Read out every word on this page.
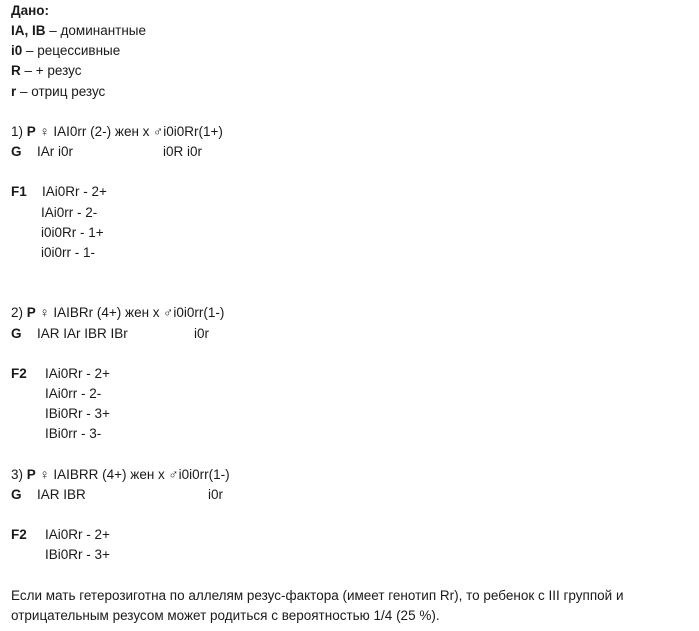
Дано:
IA, IB – доминантные
i0 – рецессивные
R – + резус
r – отриц резус
1) P ♀ IAI0rr (2-) жен х ♂i0i0Rr(1+)
G IAr i0r	i0R i0r
F1 IAi0Rr - 2+
IAi0rr - 2-
i0i0Rr - 1+
i0i0rr - 1-
2) P ♀ IAIBRr (4+) жен х ♂i0i0rr(1-)
G IAR IAr IBR IBr	i0r
F2 IAi0Rr - 2+
IAi0rr - 2-
IBi0Rr - 3+
IBi0rr - 3-
3) P ♀ IAIBRR (4+) жен х ♂i0i0rr(1-)
G IAR IBR	i0r
F2 IAi0Rr - 2+
IBi0Rr - 3+
Если мать гетерозиготна по аллелям резус-фактора (имеет генотип Rr), то ребенок с III группой и отрицательным резусом может родиться с вероятностью 1/4 (25 %).
